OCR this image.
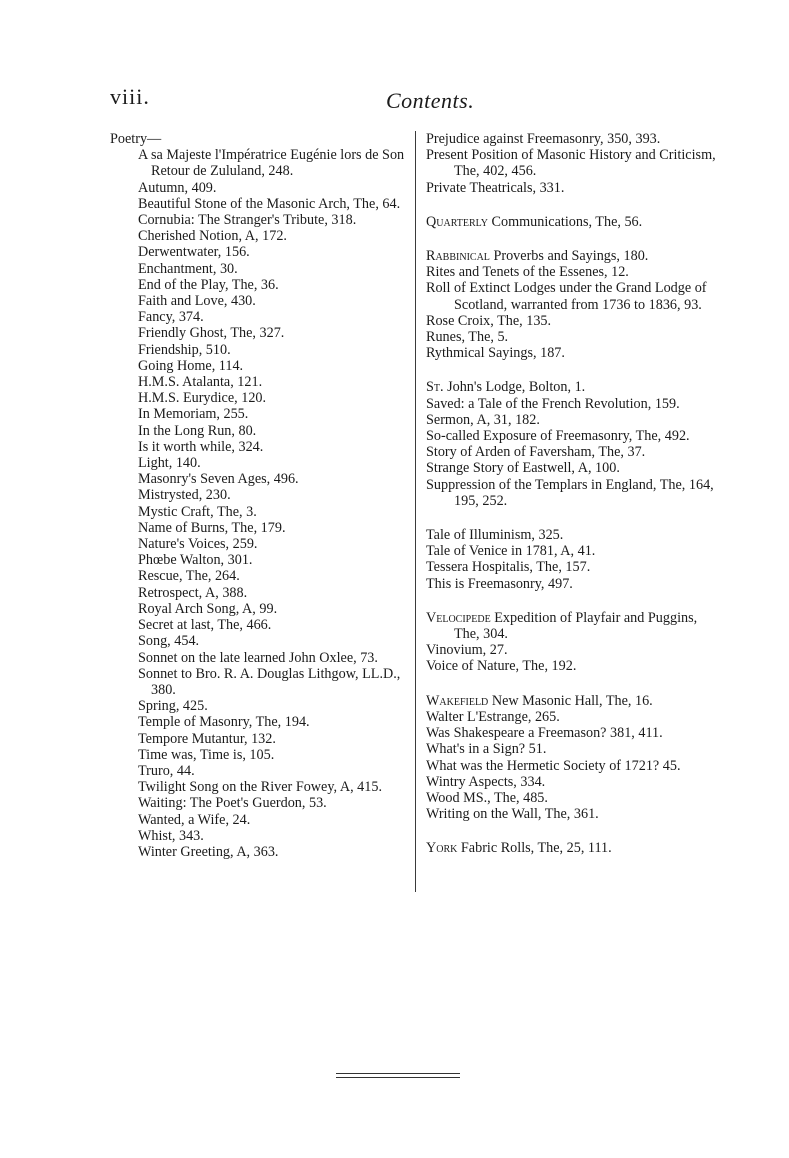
viii.	Contents.
Poetry—
A sa Majeste l'Impératrice Eugénie lors de Son Retour de Zululand, 248.
Autumn, 409.
Beautiful Stone of the Masonic Arch, The, 64.
Cornubia: The Stranger's Tribute, 318.
Cherished Notion, A, 172.
Derwentwater, 156.
Enchantment, 30.
End of the Play, The, 36.
Faith and Love, 430.
Fancy, 374.
Friendly Ghost, The, 327.
Friendship, 510.
Going Home, 114.
H.M.S. Atalanta, 121.
H.M.S. Eurydice, 120.
In Memoriam, 255.
In the Long Run, 80.
Is it worth while, 324.
Light, 140.
Masonry's Seven Ages, 496.
Mistrysted, 230.
Mystic Craft, The, 3.
Name of Burns, The, 179.
Nature's Voices, 259.
Phœbe Walton, 301.
Rescue, The, 264.
Retrospect, A, 388.
Royal Arch Song, A, 99.
Secret at last, The, 466.
Song, 454.
Sonnet on the late learned John Oxlee, 73.
Sonnet to Bro. R. A. Douglas Lithgow, LL.D., 380.
Spring, 425.
Temple of Masonry, The, 194.
Tempore Mutantur, 132.
Time was, Time is, 105.
Truro, 44.
Twilight Song on the River Fowey, A, 415.
Waiting: The Poet's Guerdon, 53.
Wanted, a Wife, 24.
Whist, 343.
Winter Greeting, A, 363.
Prejudice against Freemasonry, 350, 393.
Present Position of Masonic History and Criticism, The, 402, 456.
Private Theatricals, 331.
Quarterly Communications, The, 56.
Rabbinical Proverbs and Sayings, 180.
Rites and Tenets of the Essenes, 12.
Roll of Extinct Lodges under the Grand Lodge of Scotland, warranted from 1736 to 1836, 93.
Rose Croix, The, 135.
Runes, The, 5.
Rythmical Sayings, 187.
St. John's Lodge, Bolton, 1.
Saved: a Tale of the French Revolution, 159.
Sermon, A, 31, 182.
So-called Exposure of Freemasonry, The, 492.
Story of Arden of Faversham, The, 37.
Strange Story of Eastwell, A, 100.
Suppression of the Templars in England, The, 164, 195, 252.
Tale of Illuminism, 325.
Tale of Venice in 1781, A, 41.
Tessera Hospitalis, The, 157.
This is Freemasonry, 497.
Velocipede Expedition of Playfair and Puggins, The, 304.
Vinovium, 27.
Voice of Nature, The, 192.
Wakefield New Masonic Hall, The, 16.
Walter L'Estrange, 265.
Was Shakespeare a Freemason? 381, 411.
What's in a Sign? 51.
What was the Hermetic Society of 1721? 45.
Wintry Aspects, 334.
Wood MS., The, 485.
Writing on the Wall, The, 361.
York Fabric Rolls, The, 25, 111.
